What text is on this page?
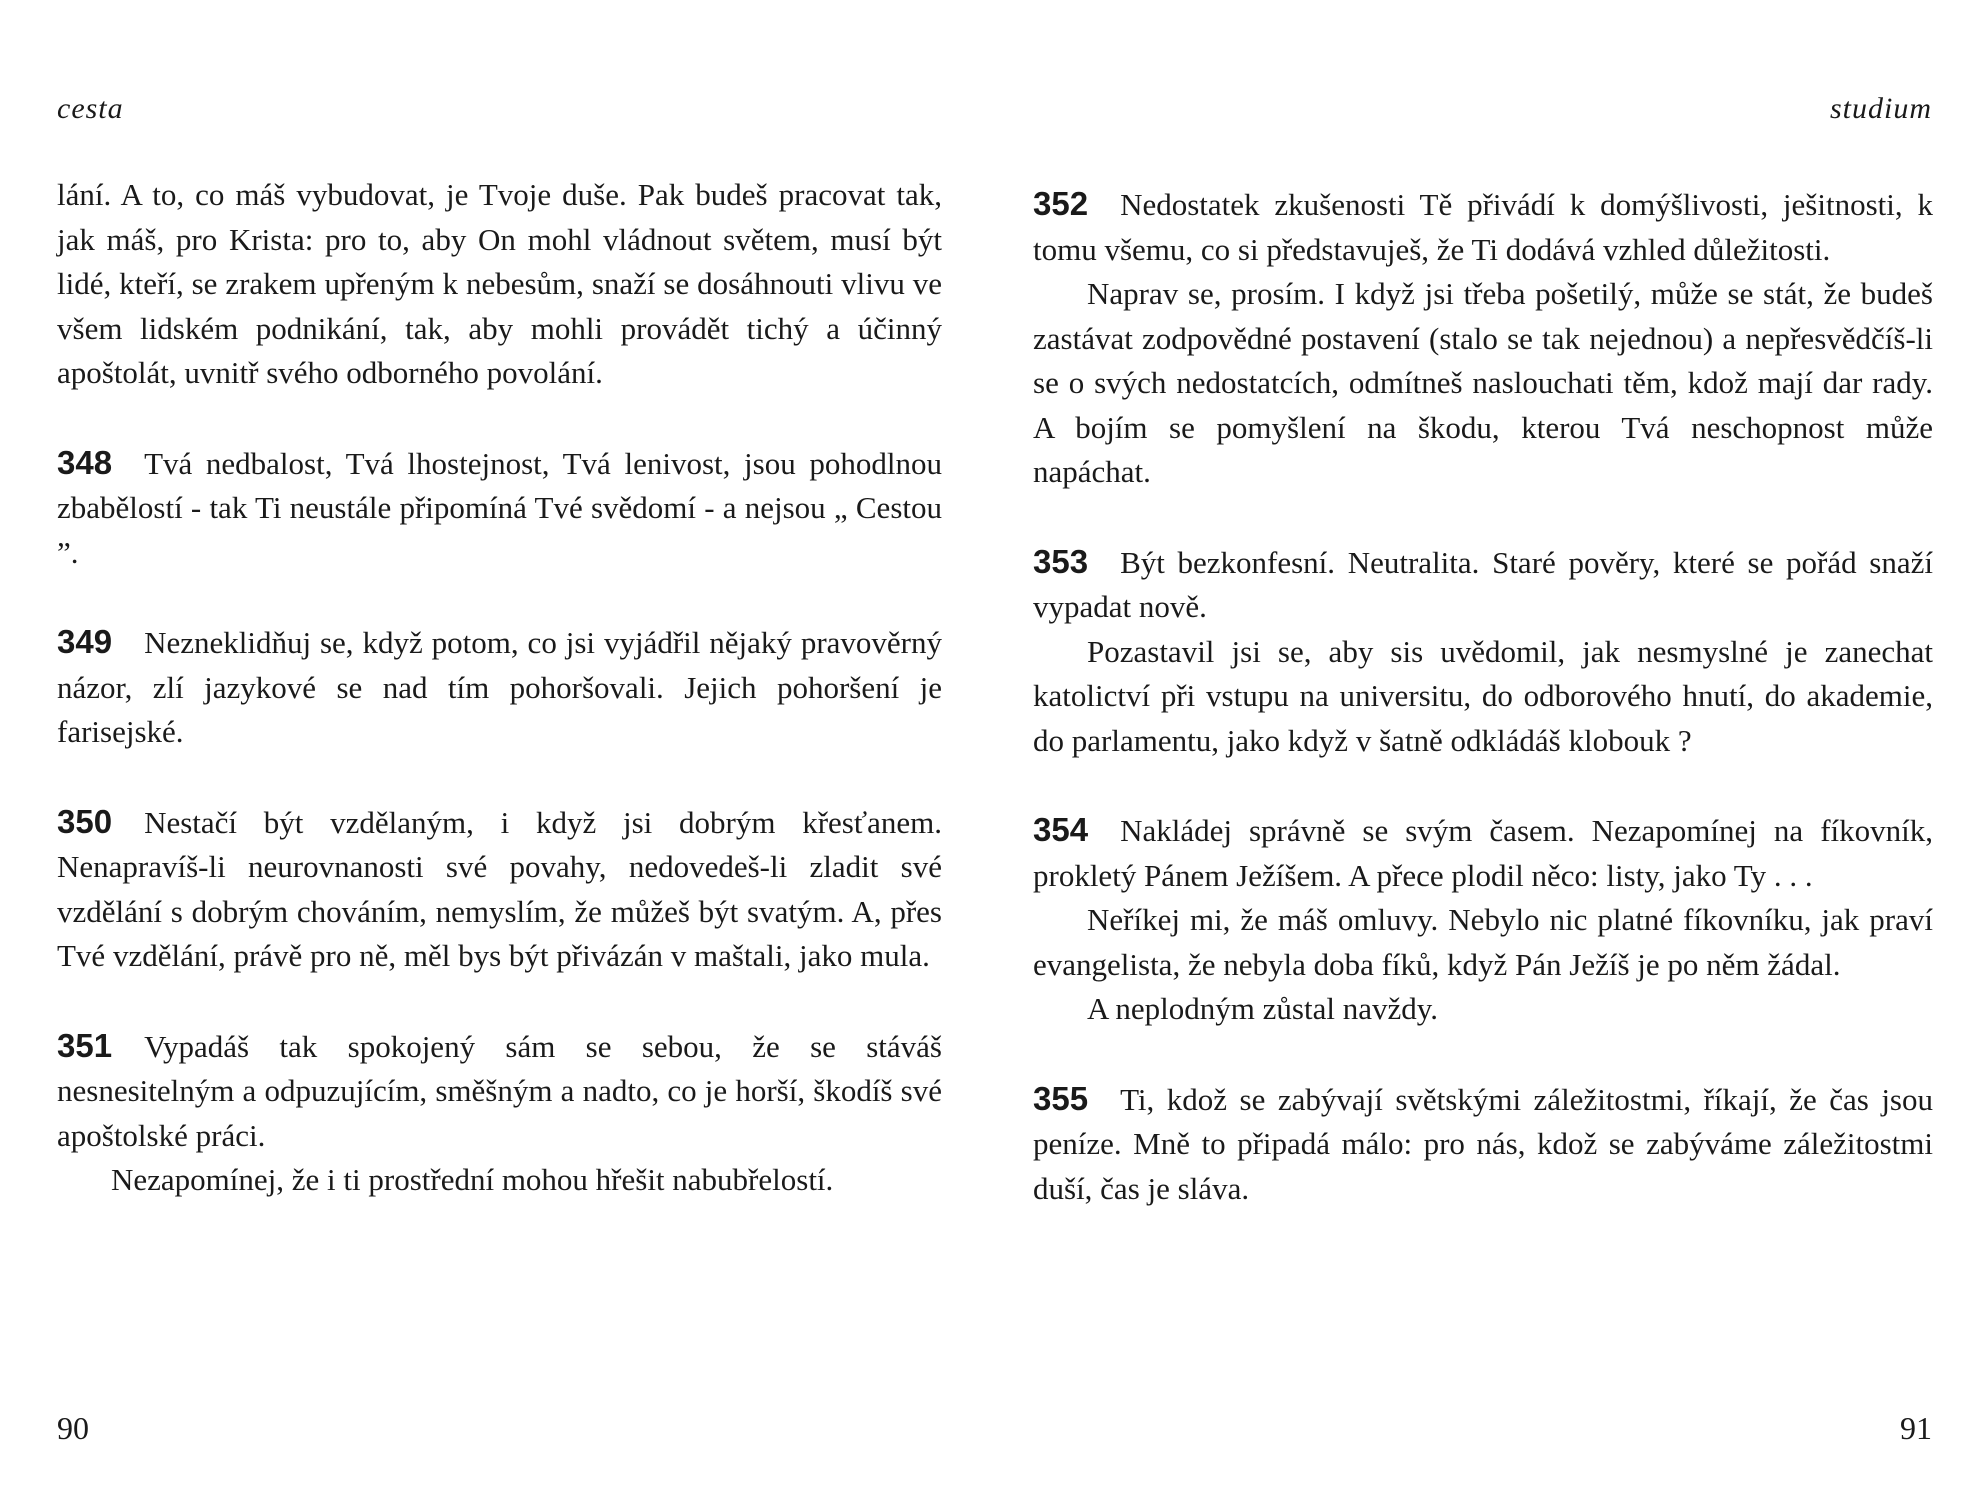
cesta

lání. A to, co máš vybudovat, je Tvoje duše. Pak budeš pracovat tak, jak máš, pro Krista: pro to, aby On mohl vládnout světem, musí být lidé, kteří, se zrakem upřeným k nebesům, snaží se dosáhnouti vlivu ve všem lidském podnikání, tak, aby mohli provádět tichý a účinný apoštolát, uvnitř svého odborného povolání.

348 Tvá nedbalost, Tvá lhostejnost, Tvá lenivost, jsou pohodlnou zbabělostí - tak Ti neustále připomíná Tvé svědomí - a nejsou „ Cestou ”.

349 Nezneklidňuj se, když potom, co jsi vyjádřil nějaký pravověrný názor, zlí jazykové se nad tím pohoršovali. Jejich pohoršení je farisejské.

350 Nestačí být vzdělaným, i když jsi dobrým křesťanem. Nenapravíš-li neurovnanosti své povahy, nedovedeš-li zladit své vzdělání s dobrým chováním, nemyslím, že můžeš být svatým. A, přes Tvé vzdělání, právě pro ně, měl bys být přivázán v maštali, jako mula.

351 Vypadáš tak spokojený sám se sebou, že se stáváš nesnesitelným a odpuzujícím, směšným a nadto, co je horší, škodíš své apoštolské práci.

Nezapomínej, že i ti prostřední mohou hřešit nabubřelostí.

90
studium

352 Nedostatek zkušenosti Tě přivádí k domýšlivosti, ješitnosti, k tomu všemu, co si představuješ, že Ti dodává vzhled důležitosti.

Naprav se, prosím. I když jsi třeba pošetilý, může se stát, že budeš zastávat zodpovědné postavení (stalo se tak nejednou) a nepřesvědčíš-li se o svých nedostatcích, odmítneš naslouchati těm, kdož mají dar rady. A bojím se pomyšlení na škodu, kterou Tvá neschopnost může napáchat.

353 Být bezkonfesní. Neutralita. Staré pověry, které se pořád snaží vypadat nově.

Pozastavil jsi se, aby sis uvědomil, jak nesmyslné je zanechat katolictví při vstupu na universitu, do odborového hnutí, do akademie, do parlamentu, jako když v šatně odkládáš klobouk ?

354 Nakládej správně se svým časem. Nezapomínej na fíkovník, prokletý Pánem Ježíšem. A přece plodil něco: listy, jako Ty . . .

Neříkej mi, že máš omluvy. Nebylo nic platné fíkovníku, jak praví evangelista, že nebyla doba fíků, když Pán Ježíš je po něm žádal.

A neplodným zůstal navždy.

355 Ti, kdož se zabývají světskými záležitostmi, říkají, že čas jsou peníze. Mně to připadá málo: pro nás, kdož se zabýváme záležitostmi duší, čas je sláva.

91
